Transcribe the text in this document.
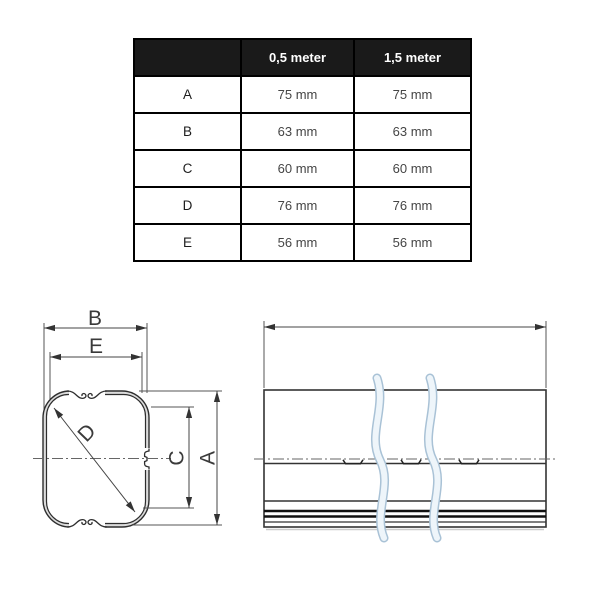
	0,5 meter	1,5 meter
A	75 mm	75 mm
B	63 mm	63 mm
C	60 mm	60 mm
D	76 mm	76 mm
E	56 mm	56 mm
B
E
D
C A
